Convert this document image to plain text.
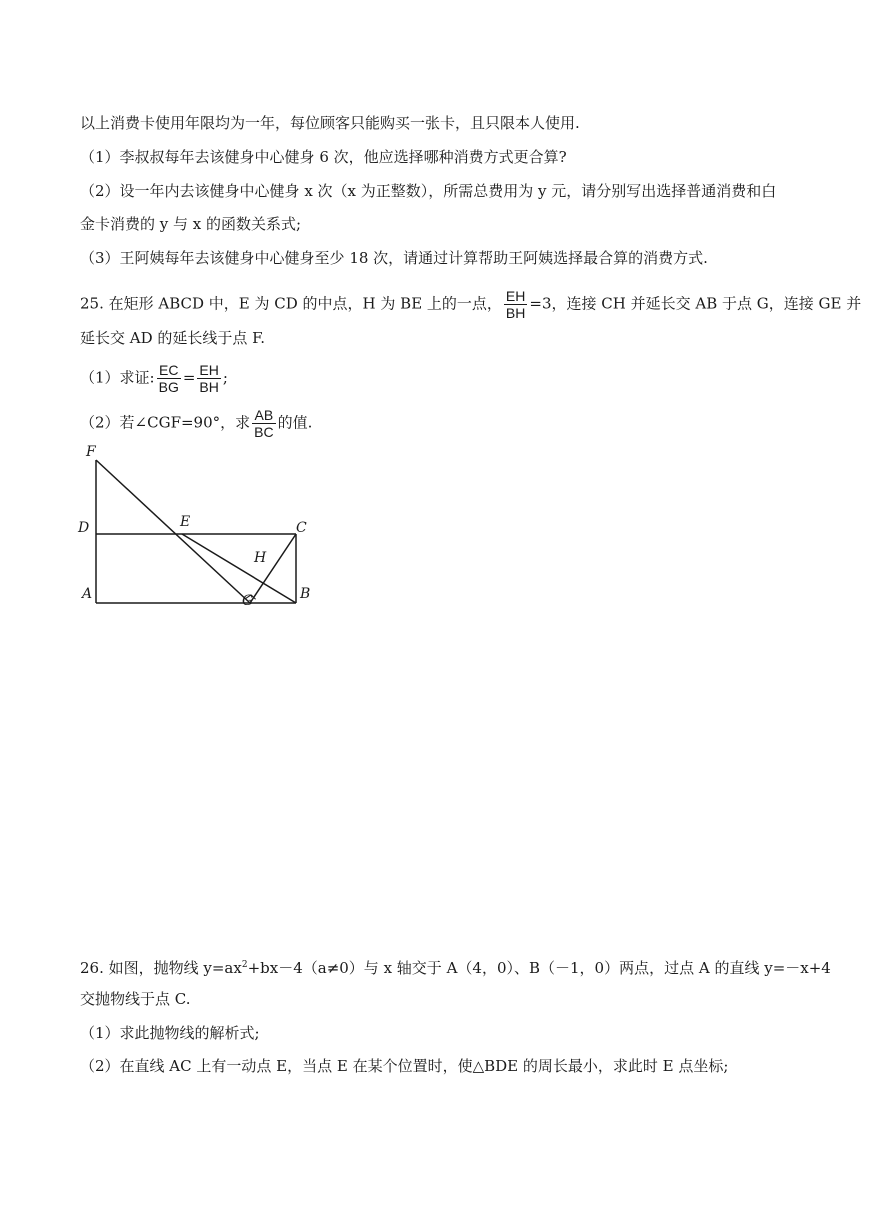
以上消费卡使用年限均为一年，每位顾客只能购买一张卡，且只限本人使用.
（1）李叔叔每年去该健身中心健身 6 次，他应选择哪种消费方式更合算?
（2）设一年内去该健身中心健身 x 次（x 为正整数），所需总费用为 y 元，请分别写出选择普通消费和白
金卡消费的 y 与 x 的函数关系式;
（3）王阿姨每年去该健身中心健身至少 18 次，请通过计算帮助王阿姨选择最合算的消费方式.
25. 在矩形 ABCD 中，E 为 CD 的中点，H 为 BE 上的一点， $\frac{EH}{BH} =3$，连接 CH 并延长交 AB 于点 G，连接 GE 并
延长交 AD 的延长线于点 F.
（1）求证: $\frac{EC}{BG} = \frac{EH}{BH}$ ;
（2）若∠CGF=90°，求 $\frac{AB}{BC}$ 的值.
F
D	E	C
H
A	G	B
26. 如图，抛物线 $y=ax^2+bx-4(a\ne 0)$与 x 轴交于 A（4，0）、B（－1，0）两点，过点 A 的直线 y=－x+4
交抛物线于点 C.
（1）求此抛物线的解析式;
（2）在直线 AC 上有一动点 E，当点 E 在某个位置时，使△BDE 的周长最小，求此时 E 点坐标;
